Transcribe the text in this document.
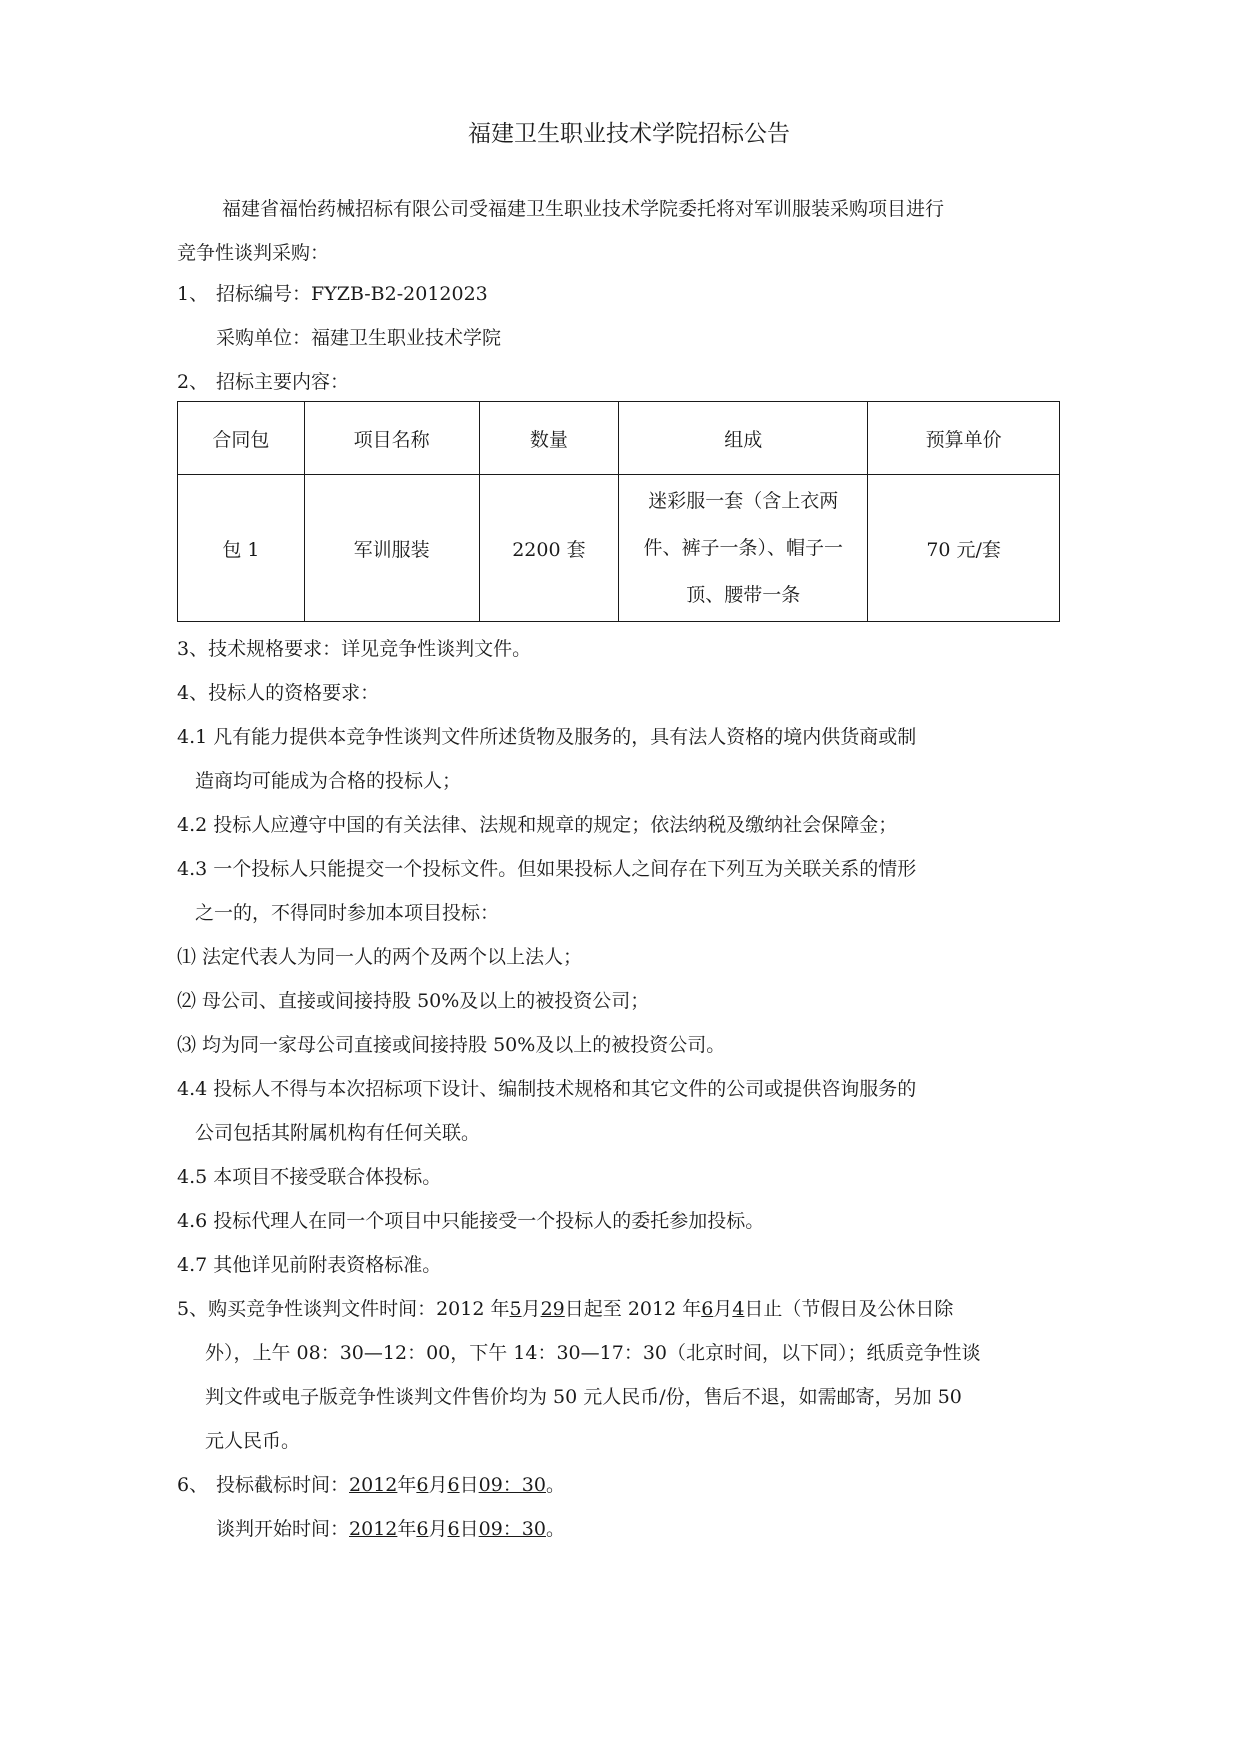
福建卫生职业技术学院招标公告
福建省福怡药械招标有限公司受福建卫生职业技术学院委托将对军训服装采购项目进行
竞争性谈判采购：
1、 招标编号：FYZB-B2-2012023
采购单位：福建卫生职业技术学院
2、 招标主要内容：
合同包	项目名称	数量	组成	预算单价
包 1	军训服装	2200 套	迷彩服一套（含上衣两
件、裤子一条）、帽子一
顶、腰带一条	70 元/套
3、技术规格要求：详见竞争性谈判文件。
4、投标人的资格要求：
4.1 凡有能力提供本竞争性谈判文件所述货物及服务的，具有法人资格的境内供货商或制
造商均可能成为合格的投标人；
4.2 投标人应遵守中国的有关法律、法规和规章的规定；依法纳税及缴纳社会保障金；
4.3 一个投标人只能提交一个投标文件。但如果投标人之间存在下列互为关联关系的情形
之一的，不得同时参加本项目投标：
⑴ 法定代表人为同一人的两个及两个以上法人；
⑵ 母公司、直接或间接持股 50%及以上的被投资公司；
⑶ 均为同一家母公司直接或间接持股 50%及以上的被投资公司。
4.4 投标人不得与本次招标项下设计、编制技术规格和其它文件的公司或提供咨询服务的
公司包括其附属机构有任何关联。
4.5 本项目不接受联合体投标。
4.6 投标代理人在同一个项目中只能接受一个投标人的委托参加投标。
4.7 其他详见前附表资格标准。
5、购买竞争性谈判文件时间：2012 年5月29日起至 2012 年6月4日止（节假日及公休日除
外），上午 08：30—12：00，下午 14：30—17：30（北京时间，以下同）；纸质竞争性谈
判文件或电子版竞争性谈判文件售价均为 50 元人民币/份，售后不退，如需邮寄，另加 50
元人民币。
6、 投标截标时间：2012年6月6日09：30。
谈判开始时间：2012年6月6日09：30。
